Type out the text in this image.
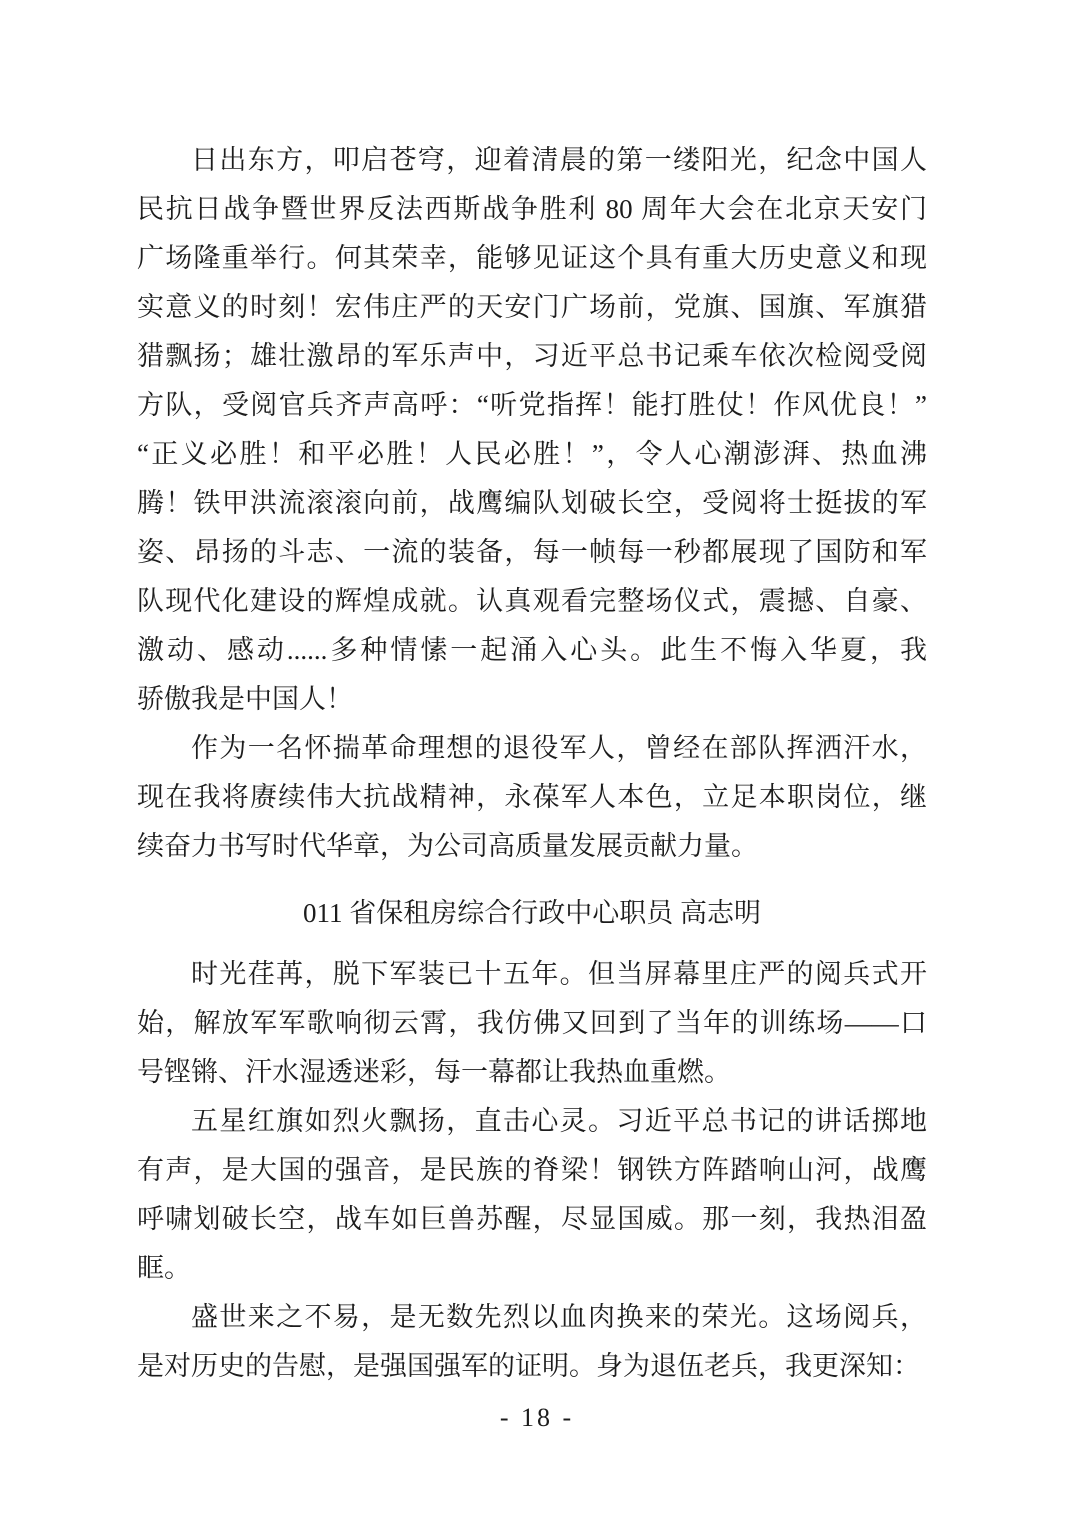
日出东方，叩启苍穹，迎着清晨的第一缕阳光，纪念中国人
民抗日战争暨世界反法西斯战争胜利 80 周年大会在北京天安门
广场隆重举行。何其荣幸，能够见证这个具有重大历史意义和现
实意义的时刻！宏伟庄严的天安门广场前，党旗、国旗、军旗猎
猎飘扬；雄壮激昂的军乐声中，习近平总书记乘车依次检阅受阅
方队，受阅官兵齐声高呼：“听党指挥！能打胜仗！作风优良！”
“正义必胜！和平必胜！人民必胜！”，令人心潮澎湃、热血沸
腾！铁甲洪流滚滚向前，战鹰编队划破长空，受阅将士挺拔的军
姿、昂扬的斗志、一流的装备，每一帧每一秒都展现了国防和军
队现代化建设的辉煌成就。认真观看完整场仪式，震撼、自豪、
激动、感动......多种情愫一起涌入心头。此生不悔入华夏，我
骄傲我是中国人！
作为一名怀揣革命理想的退役军人，曾经在部队挥洒汗水，
现在我将赓续伟大抗战精神，永葆军人本色，立足本职岗位，继
续奋力书写时代华章，为公司高质量发展贡献力量。
011 省保租房综合行政中心职员 高志明
时光荏苒，脱下军装已十五年。但当屏幕里庄严的阅兵式开
始，解放军军歌响彻云霄，我仿佛又回到了当年的训练场——口
号铿锵、汗水湿透迷彩，每一幕都让我热血重燃。
五星红旗如烈火飘扬，直击心灵。习近平总书记的讲话掷地
有声，是大国的强音，是民族的脊梁！钢铁方阵踏响山河，战鹰
呼啸划破长空，战车如巨兽苏醒，尽显国威。那一刻，我热泪盈
眶。
盛世来之不易，是无数先烈以血肉换来的荣光。这场阅兵，
是对历史的告慰，是强国强军的证明。身为退伍老兵，我更深知：
- 18 -
